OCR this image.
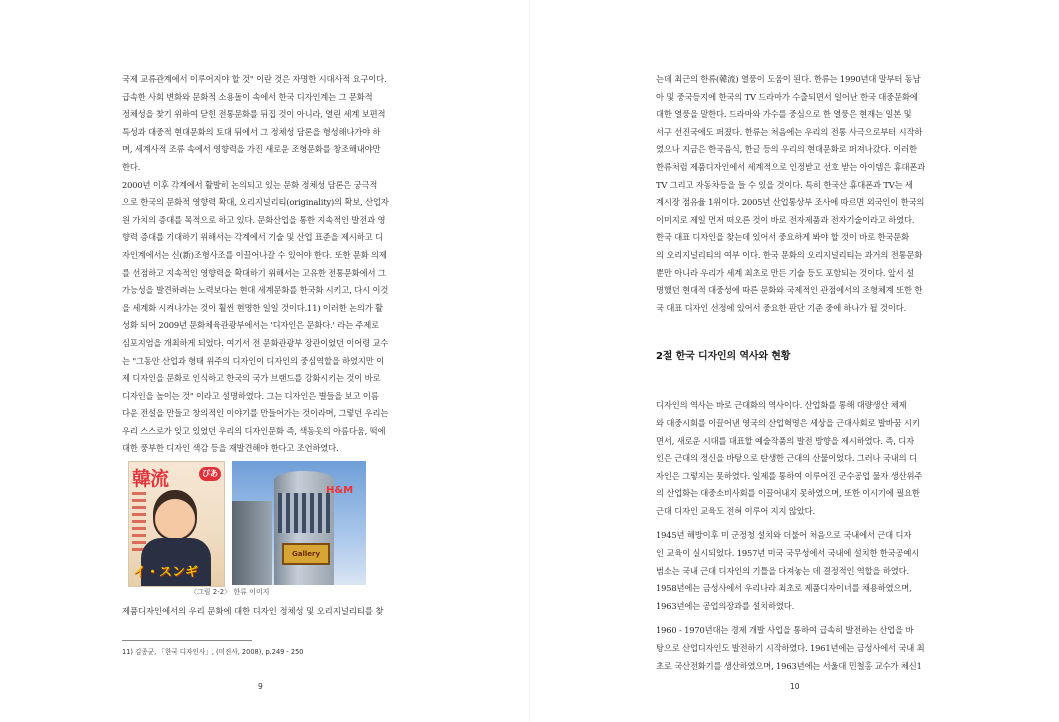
국제 교류관계에서 이루어지야 할 것" 이란 것은 자명한 시대사적 요구이다.

급속한 사회 변화와 문화적 소용돌이 속에서 한국 디자인계는 그 문화적

정체성을 찾기 위하여 닫힌 전통문화를 뒤집 것이 아니라, 열린 세계 보편적

특성과 대중적 현대문화의 토대 뒤에서 그 정체성 담론을 형성해나가야 하

며, 세계사적 조류 속에서 영향력을 가진 새로운 조형문화를 창조해내야만

한다.

2000년 이후 각계에서 활발히 논의되고 있는 문화 정체성 담론은 궁극적

으로 한국의 문화적 영향력 확대, 오리지널리티(originality)의 확보, 산업자

원 가치의 증대를 목적으로 하고 있다. 문화산업을 통한 지속적인 발전과 영

향력 증대를 기대하기 위해서는 각계에서 기술 및 산업 표준을 제시하고 디

자인계에서는 신(新)조형사조를 이끌어나갈 수 있어야 한다. 또한 문화 의제

를 선점하고 지속적인 영향력을 확대하기 위해서는 고유한 전통문화에서 그

가능성을 발견하려는 노력보다는 현대 세계문화를 한국화 시키고, 다시 이것

을 세계화 시켜나가는 것이 훨씬 현명한 일일 것이다.11) 이러한 논의가 활

성화 되어 2009년 문화체육관광부에서는 '디자인은 문화다.' 라는 주제로

심포지엄을 개최하게 되었다. 여기서 전 문화관광부 장관이었던 이어령 교수

는 "그동안 산업과 형태 위주의 디자인이 디자인의 중심역할을 하였지만 이

제 디자인을 문화로 인식하고 한국의 국가 브랜드를 강화시키는 것이 바로

디자인을 높이는 것" 이라고 설명하였다. 그는 디자인은 별들을 보고 이름

다운 전설을 만들고 창의적인 이야기를 만들어가는 것이라며, 그렇던 우리는

우리 스스로가 잊고 있었던 우리의 디자인문화 즉, 색동옷의 아름다움, 떡에

대한 풍부한 디자인 색감 등을 재발견해야 한다고 조언하였다.

韓流	ぴあ
イ・スンギ
Gallery
H&M
〈그림 2-2〉 한류 이미지
제품디자인에서의 우리 문화에 대한 디자인 정체성 및 오리지널리티를 찾
11) 김종균, 「한국 디자인사」, (미진사, 2008), p.249 - 250
9

는데 최근의 한류(韓流) 열풍이 도움이 된다. 한류는 1990년대 말부터 동남

아 및 중국등지에 한국의 TV 드라마가 수출되면서 일어난 한국 대중문화에

대한 열풍을 말한다. 드라마와 가수를 중심으로 한 열풍은 현재는 일본 및

서구 선진국에도 퍼졌다. 한류는 처음에는 우리의 전통 사극으로부터 시작하

였으나 지금은 한국음식, 한글 등의 우리의 현대문화로 퍼져나갔다. 이러한

한류처럼 제품디자인에서 세계적으로 인정받고 선호 받는 아이템은 휴대폰과

TV 그리고 자동차등을 들 수 있을 것이다. 특히 한국산 휴대폰과 TV는 세

계시장 점유율 1위이다. 2005년 산업통상부 조사에 따르면 외국인이 한국의

이미지로 제일 먼저 떠오른 것이 바로 전자제품과 전자기술이라고 하였다.

한국 대표 디자인을 찾는데 있어서 중요하게 봐야 할 것이 바로 한국문화

의 오리지널리티의 여부 이다. 한국 문화의 오리지널리티는 과거의 전통문화

뿐만 아니라 우리가 세계 최초로 만든 기술 등도 포함되는 것이다. 앞서 설

명했던 현대적 대중성에 따른 문화와 국제적인 관점에서의 조형체계 또한 한

국 대표 디자인 선정에 있어서 중요한 판단 기준 중에 하나가 될 것이다.

2절 한국 디자인의 역사와 현황

디자인의 역사는 바로 근대화의 역사이다. 산업화를 통해 대량생산 체제

와 대중시회를 이끌어낸 영국의 산업혁명은 세상을 근대사회로 발바꿈 시키

면서, 새로운 시대를 대표할 예술작품의 발전 방향을 제시하였다. 즉, 디자

인은 근대의 정신을 바탕으로 탄생한 근대의 산물이었다. 그러나 국내의 디

자인은 그렇지는 못하였다. 일제를 통하여 이루어진 군수공업 물자 생산위주

의 산업화는 대중소비사회를 이끌어내지 못하였으며, 또한 이시기에 필요한

근대 디자인 교육도 전혀 이루어 지지 않았다.

1945년 해방이후 미 군정청 설치와 더불어 처음으로 국내에서 근대 디자

인 교육이 실시되었다. 1957년 미국 국무성에서 국내에 설치한 한국공예시

범소는 국내 근대 디자인의 기틀을 다져놓는 데 결정적인 역할을 하였다.

1958년에는 금성사에서 우리나라 최초로 제품디자이너를 채용하였으며,

1963년에는 공업의장과를 설치하였다.

1960 - 1970년대는 경제 개발 사업을 통하여 급속히 발전하는 산업을 바

탕으로 산업디자인도 발전하기 시작하였다. 1961년에는 금성사에서 국내 최

초로 국산전화기를 생산하였으며, 1963년에는 서울대 민철홍 교수가 체신1

10
